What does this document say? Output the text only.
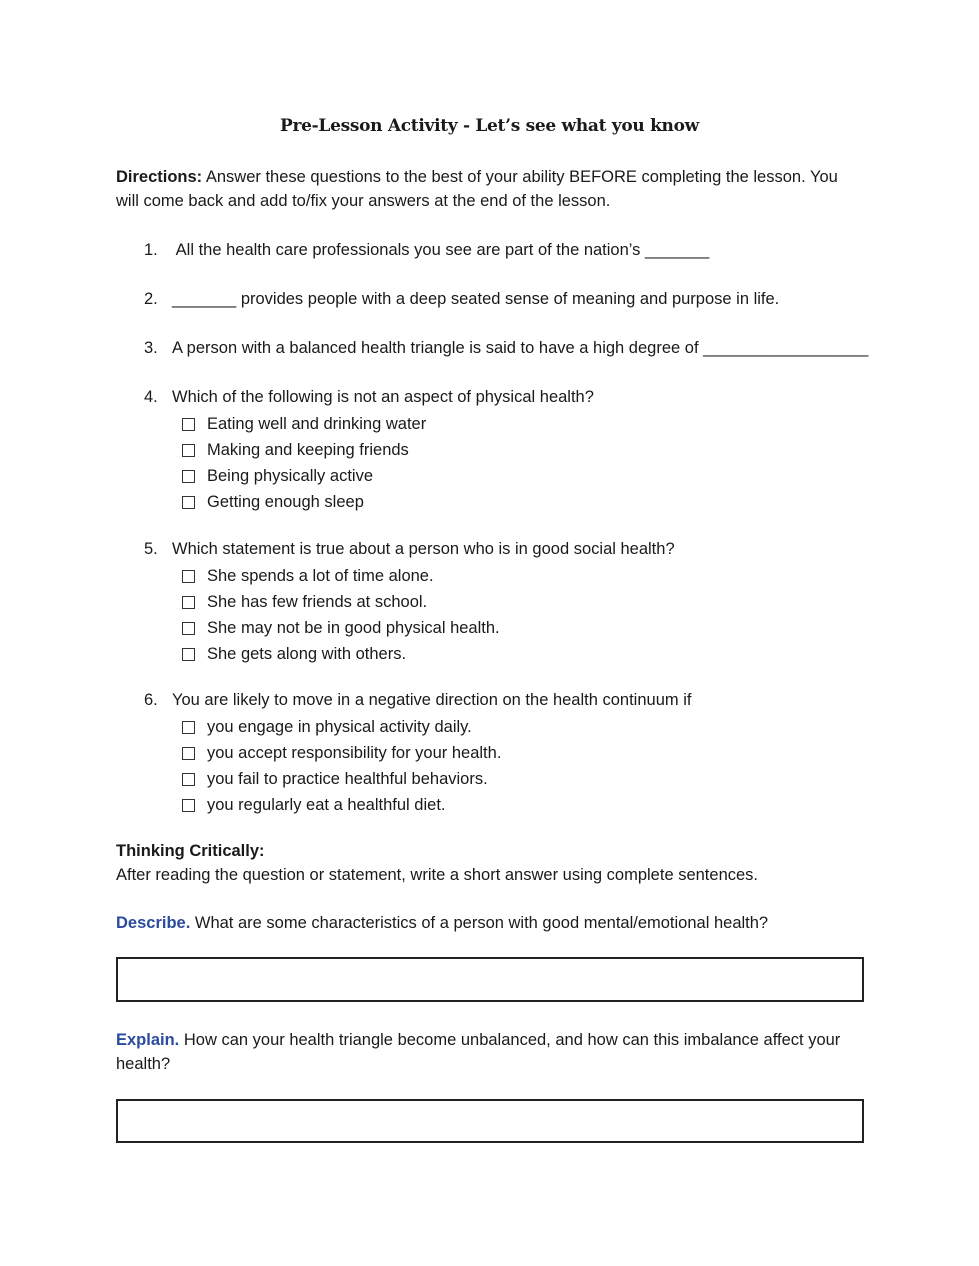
Pre-Lesson Activity - Let’s see what you know
Directions: Answer these questions to the best of your ability BEFORE completing the lesson. You will come back and add to/fix your answers at the end of the lesson.
1. All the health care professionals you see are part of the nation’s _______
2. _______ provides people with a deep seated sense of meaning and purpose in life.
3. A person with a balanced health triangle is said to have a high degree of __________________
4. Which of the following is not an aspect of physical health?
Eating well and drinking water
Making and keeping friends
Being physically active
Getting enough sleep
5. Which statement is true about a person who is in good social health?
She spends a lot of time alone.
She has few friends at school.
She may not be in good physical health.
She gets along with others.
6. You are likely to move in a negative direction on the health continuum if
you engage in physical activity daily.
you accept responsibility for your health.
you fail to practice healthful behaviors.
you regularly eat a healthful diet.
Thinking Critically:
After reading the question or statement, write a short answer using complete sentences.
Describe. What are some characteristics of a person with good mental/emotional health?
Explain. How can your health triangle become unbalanced, and how can this imbalance affect your health?
